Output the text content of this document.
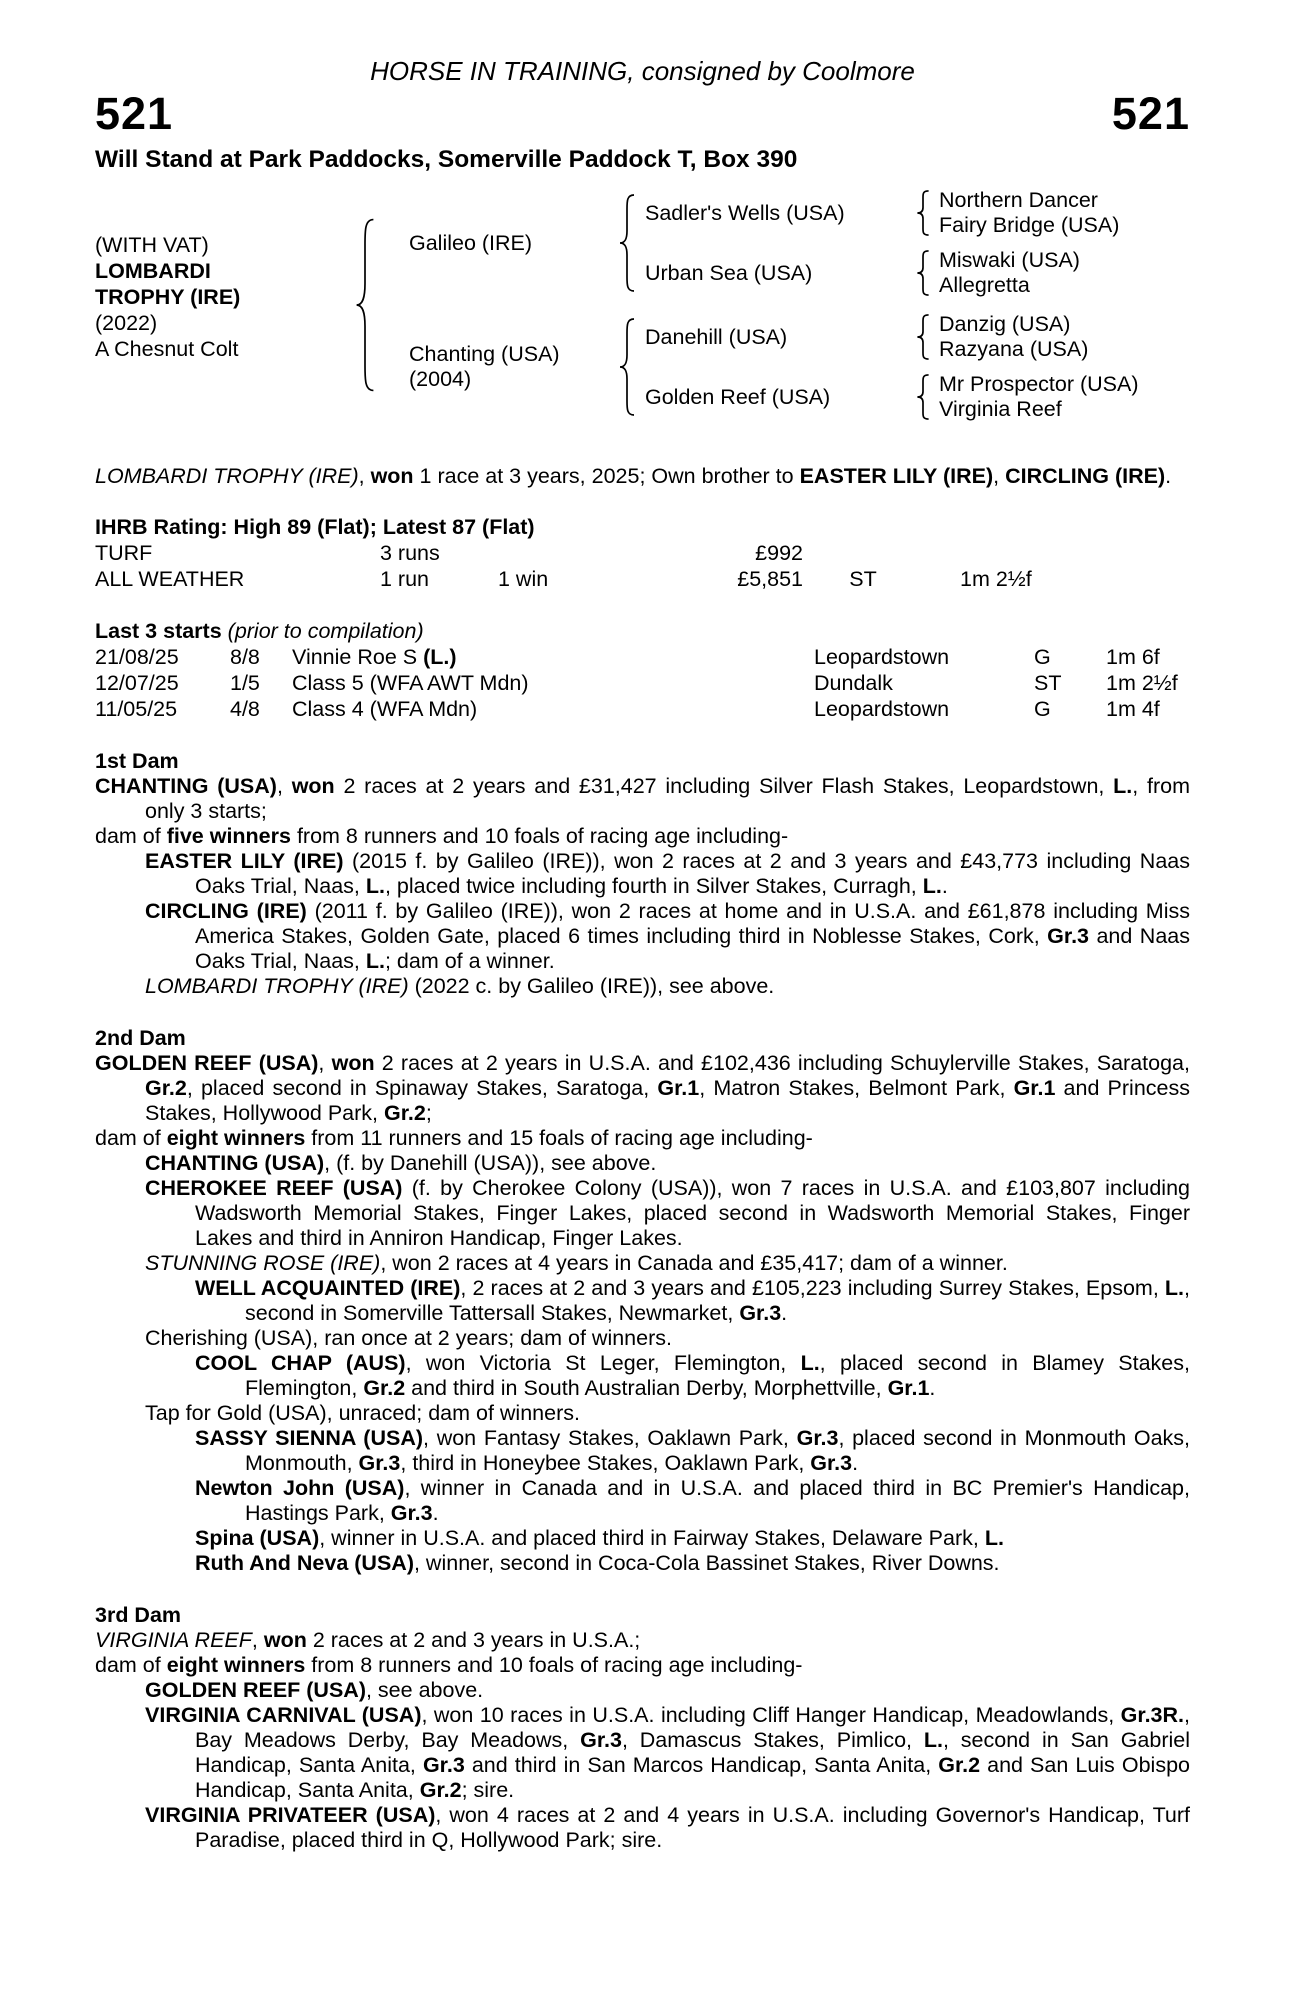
HORSE IN TRAINING, consigned by Coolmore
521	521
Will Stand at Park Paddocks, Somerville Paddock T, Box 390
(WITH VAT)
LOMBARDI
TROPHY (IRE)
(2022)
A Chesnut Colt
Galileo (IRE)
Sadler's Wells (USA)
Northern Dancer
Fairy Bridge (USA)
Urban Sea (USA)
Miswaki (USA)
Allegretta
Chanting (USA)
(2004)
Danehill (USA)
Danzig (USA)
Razyana (USA)
Golden Reef (USA)
Mr Prospector (USA)
Virginia Reef
LOMBARDI TROPHY (IRE), won 1 race at 3 years, 2025; Own brother to EASTER LILY (IRE), CIRCLING (IRE).
IHRB Rating: High 89 (Flat); Latest 87 (Flat)
TURF	3 runs	£992
ALL WEATHER	1 run	1 win	£5,851	ST	1m 2½f
Last 3 starts (prior to compilation)
21/08/25	8/8	Vinnie Roe S (L.)	Leopardstown	G	1m 6f
12/07/25	1/5	Class 5 (WFA AWT Mdn)	Dundalk	ST	1m 2½f
11/05/25	4/8	Class 4 (WFA Mdn)	Leopardstown	G	1m 4f
1st Dam
CHANTING (USA), won 2 races at 2 years and £31,427 including Silver Flash Stakes, Leopardstown, L., from only 3 starts;
dam of five winners from 8 runners and 10 foals of racing age including-
EASTER LILY (IRE) (2015 f. by Galileo (IRE)), won 2 races at 2 and 3 years and £43,773 including Naas Oaks Trial, Naas, L., placed twice including fourth in Silver Stakes, Curragh, L..
CIRCLING (IRE) (2011 f. by Galileo (IRE)), won 2 races at home and in U.S.A. and £61,878 including Miss America Stakes, Golden Gate, placed 6 times including third in Noblesse Stakes, Cork, Gr.3 and Naas Oaks Trial, Naas, L.; dam of a winner.
LOMBARDI TROPHY (IRE) (2022 c. by Galileo (IRE)), see above.
2nd Dam
GOLDEN REEF (USA), won 2 races at 2 years in U.S.A. and £102,436 including Schuylerville Stakes, Saratoga, Gr.2, placed second in Spinaway Stakes, Saratoga, Gr.1, Matron Stakes, Belmont Park, Gr.1 and Princess Stakes, Hollywood Park, Gr.2;
dam of eight winners from 11 runners and 15 foals of racing age including-
CHANTING (USA), (f. by Danehill (USA)), see above.
CHEROKEE REEF (USA) (f. by Cherokee Colony (USA)), won 7 races in U.S.A. and £103,807 including Wadsworth Memorial Stakes, Finger Lakes, placed second in Wadsworth Memorial Stakes, Finger Lakes and third in Anniron Handicap, Finger Lakes.
STUNNING ROSE (IRE), won 2 races at 4 years in Canada and £35,417; dam of a winner.
WELL ACQUAINTED (IRE), 2 races at 2 and 3 years and £105,223 including Surrey Stakes, Epsom, L., second in Somerville Tattersall Stakes, Newmarket, Gr.3.
Cherishing (USA), ran once at 2 years; dam of winners.
COOL CHAP (AUS), won Victoria St Leger, Flemington, L., placed second in Blamey Stakes, Flemington, Gr.2 and third in South Australian Derby, Morphettville, Gr.1.
Tap for Gold (USA), unraced; dam of winners.
SASSY SIENNA (USA), won Fantasy Stakes, Oaklawn Park, Gr.3, placed second in Monmouth Oaks, Monmouth, Gr.3, third in Honeybee Stakes, Oaklawn Park, Gr.3.
Newton John (USA), winner in Canada and in U.S.A. and placed third in BC Premier's Handicap, Hastings Park, Gr.3.
Spina (USA), winner in U.S.A. and placed third in Fairway Stakes, Delaware Park, L.
Ruth And Neva (USA), winner, second in Coca-Cola Bassinet Stakes, River Downs.
3rd Dam
VIRGINIA REEF, won 2 races at 2 and 3 years in U.S.A.;
dam of eight winners from 8 runners and 10 foals of racing age including-
GOLDEN REEF (USA), see above.
VIRGINIA CARNIVAL (USA), won 10 races in U.S.A. including Cliff Hanger Handicap, Meadowlands, Gr.3R., Bay Meadows Derby, Bay Meadows, Gr.3, Damascus Stakes, Pimlico, L., second in San Gabriel Handicap, Santa Anita, Gr.3 and third in San Marcos Handicap, Santa Anita, Gr.2 and San Luis Obispo Handicap, Santa Anita, Gr.2; sire.
VIRGINIA PRIVATEER (USA), won 4 races at 2 and 4 years in U.S.A. including Governor's Handicap, Turf Paradise, placed third in Q, Hollywood Park; sire.
